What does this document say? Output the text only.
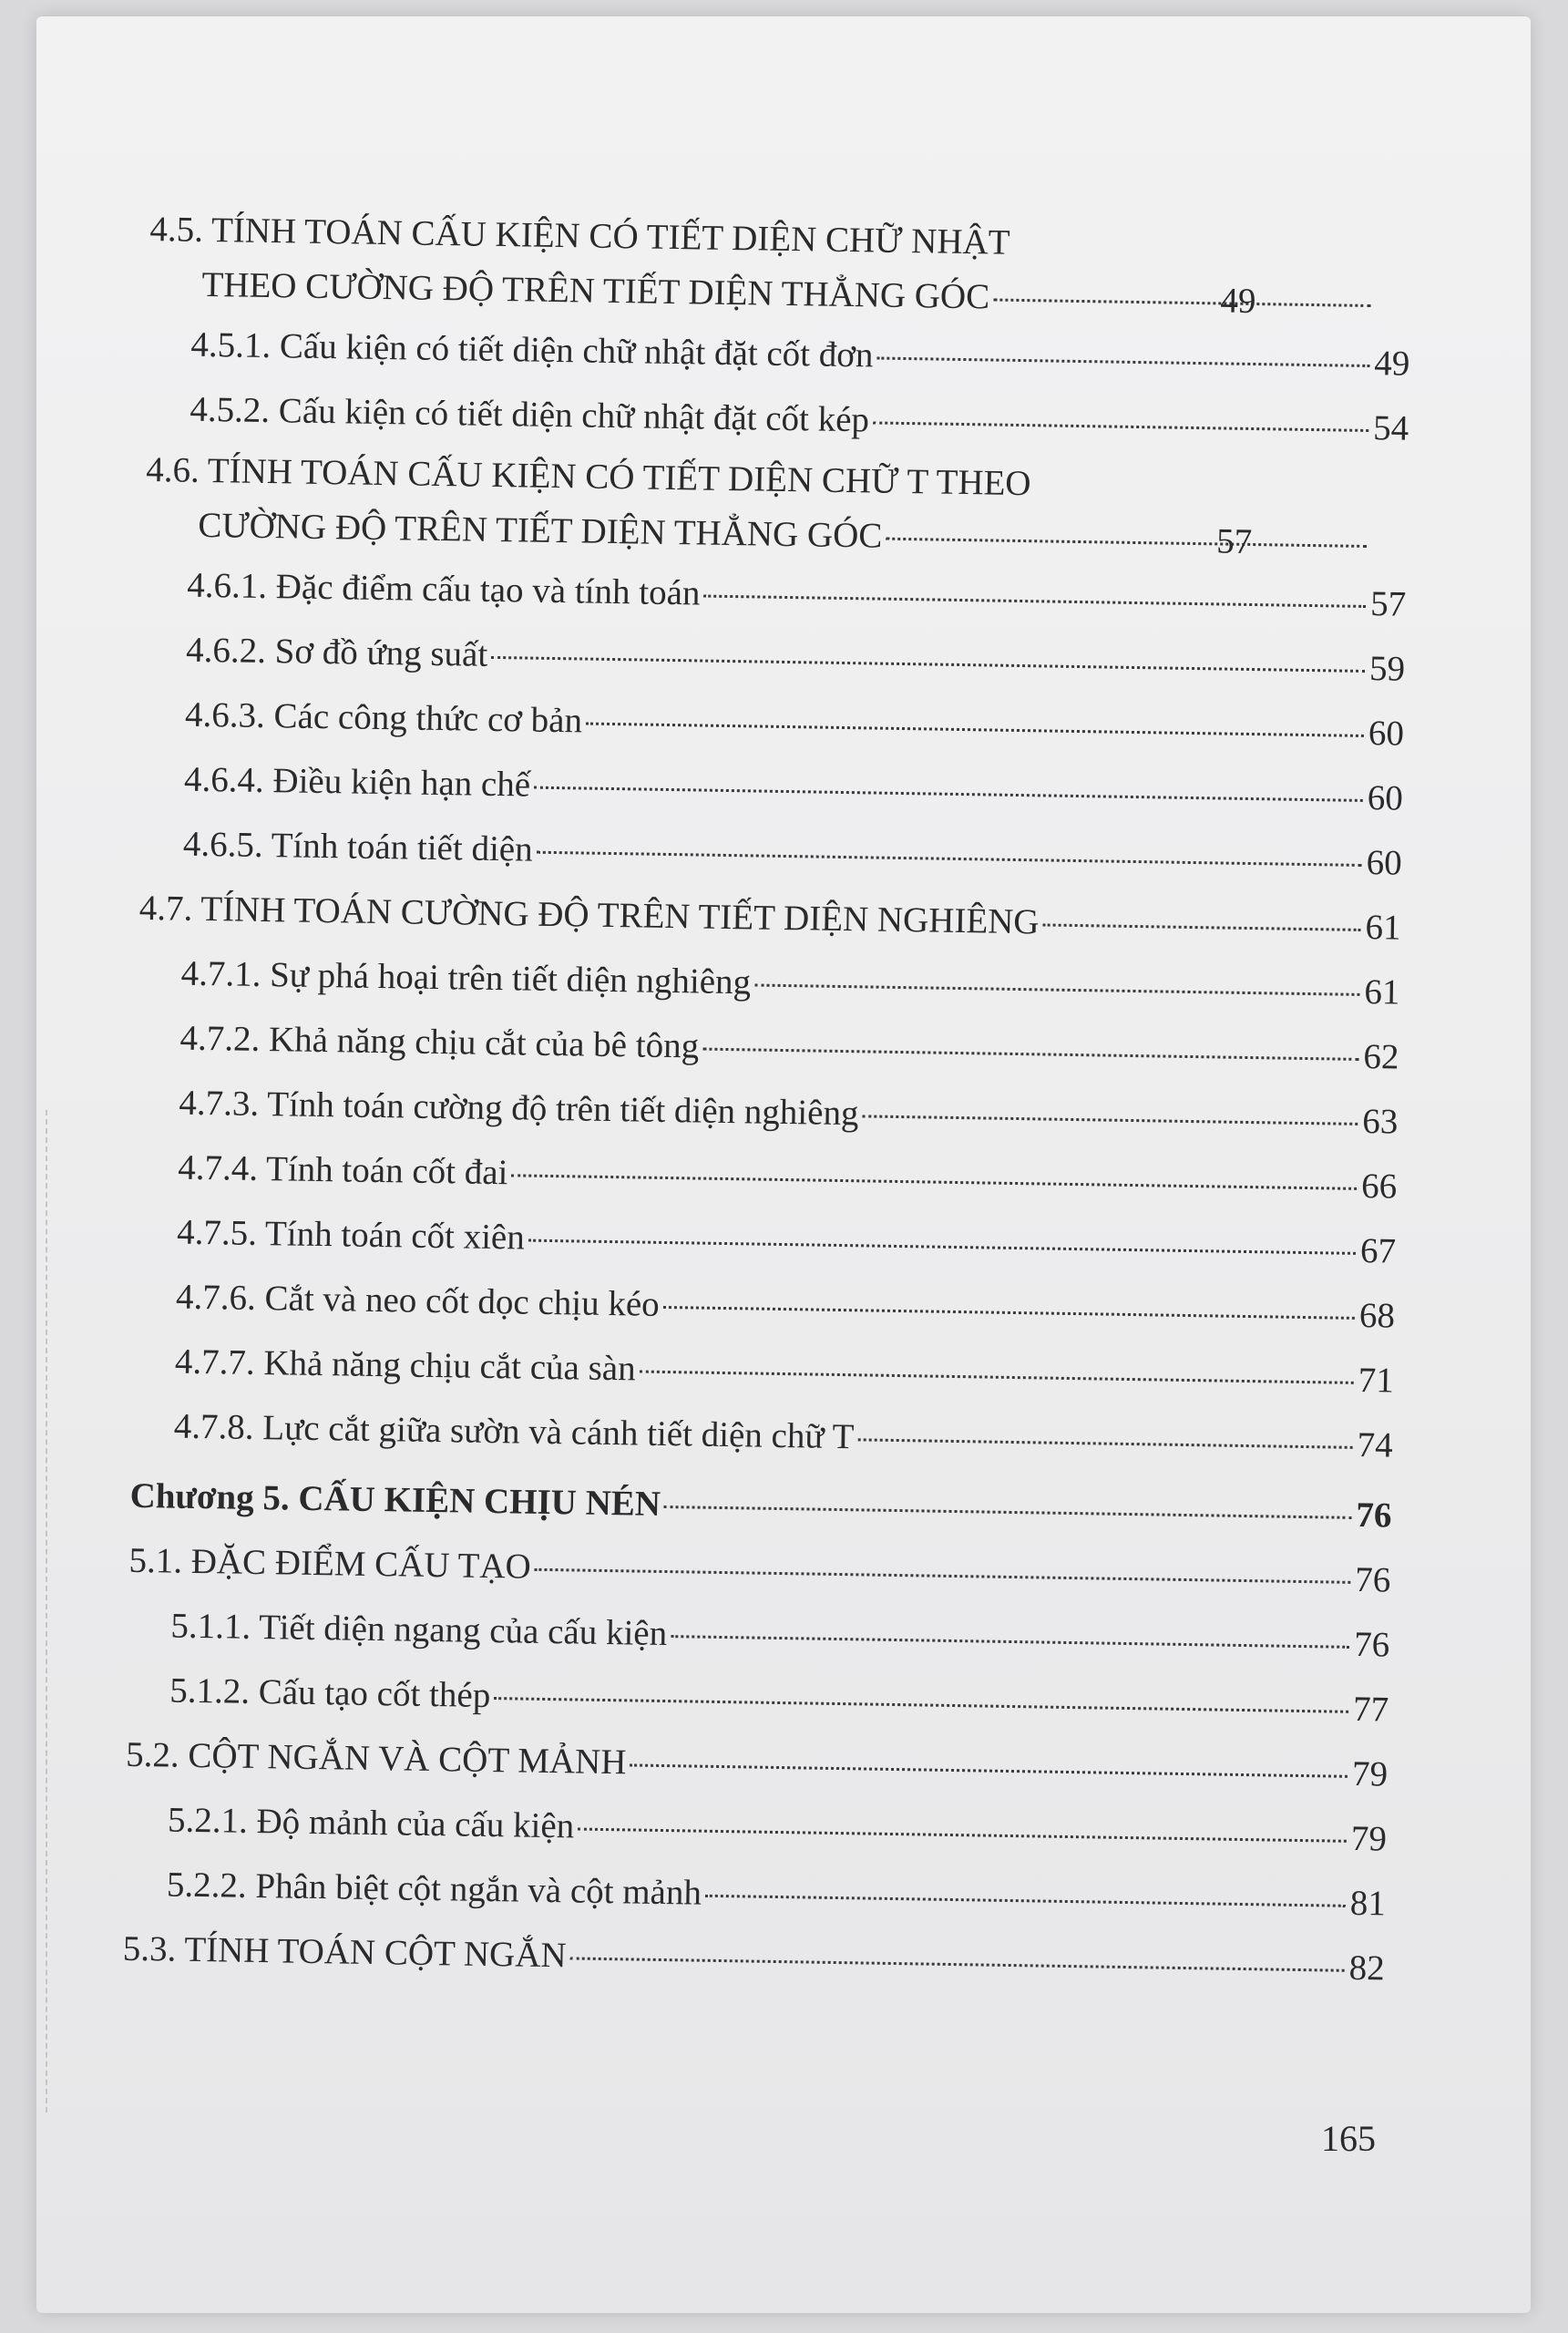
4.5. TÍNH TOÁN CẤU KIỆN CÓ TIẾT DIỆN CHỮ NHẬT
THEO CƯỜNG ĐỘ TRÊN TIẾT DIỆN THẲNG GÓC	49
4.5.1. Cấu kiện có tiết diện chữ nhật đặt cốt đơn	49
4.5.2. Cấu kiện có tiết diện chữ nhật đặt cốt kép	54
4.6. TÍNH TOÁN CẤU KIỆN CÓ TIẾT DIỆN CHỮ T THEO
CƯỜNG ĐỘ TRÊN TIẾT DIỆN THẲNG GÓC	57
4.6.1. Đặc điểm cấu tạo và tính toán	57
4.6.2. Sơ đồ ứng suất	59
4.6.3. Các công thức cơ bản	60
4.6.4. Điều kiện hạn chế	60
4.6.5. Tính toán tiết diện	60
4.7. TÍNH TOÁN CƯỜNG ĐỘ TRÊN TIẾT DIỆN NGHIÊNG	61
4.7.1. Sự phá hoại trên tiết diện nghiêng	61
4.7.2. Khả năng chịu cắt của bê tông	62
4.7.3. Tính toán cường độ trên tiết diện nghiêng	63
4.7.4. Tính toán cốt đai	66
4.7.5. Tính toán cốt xiên	67
4.7.6. Cắt và neo cốt dọc chịu kéo	68
4.7.7. Khả năng chịu cắt của sàn	71
4.7.8. Lực cắt giữa sườn và cánh tiết diện chữ T	74
Chương 5. CẤU KIỆN CHỊU NÉN	76
5.1. ĐẶC ĐIỂM CẤU TẠO	76
5.1.1. Tiết diện ngang của cấu kiện	76
5.1.2. Cấu tạo cốt thép	77
5.2. CỘT NGẮN VÀ CỘT MẢNH	79
5.2.1. Độ mảnh của cấu kiện	79
5.2.2. Phân biệt cột ngắn và cột mảnh	81
5.3. TÍNH TOÁN CỘT NGẮN	82
165
